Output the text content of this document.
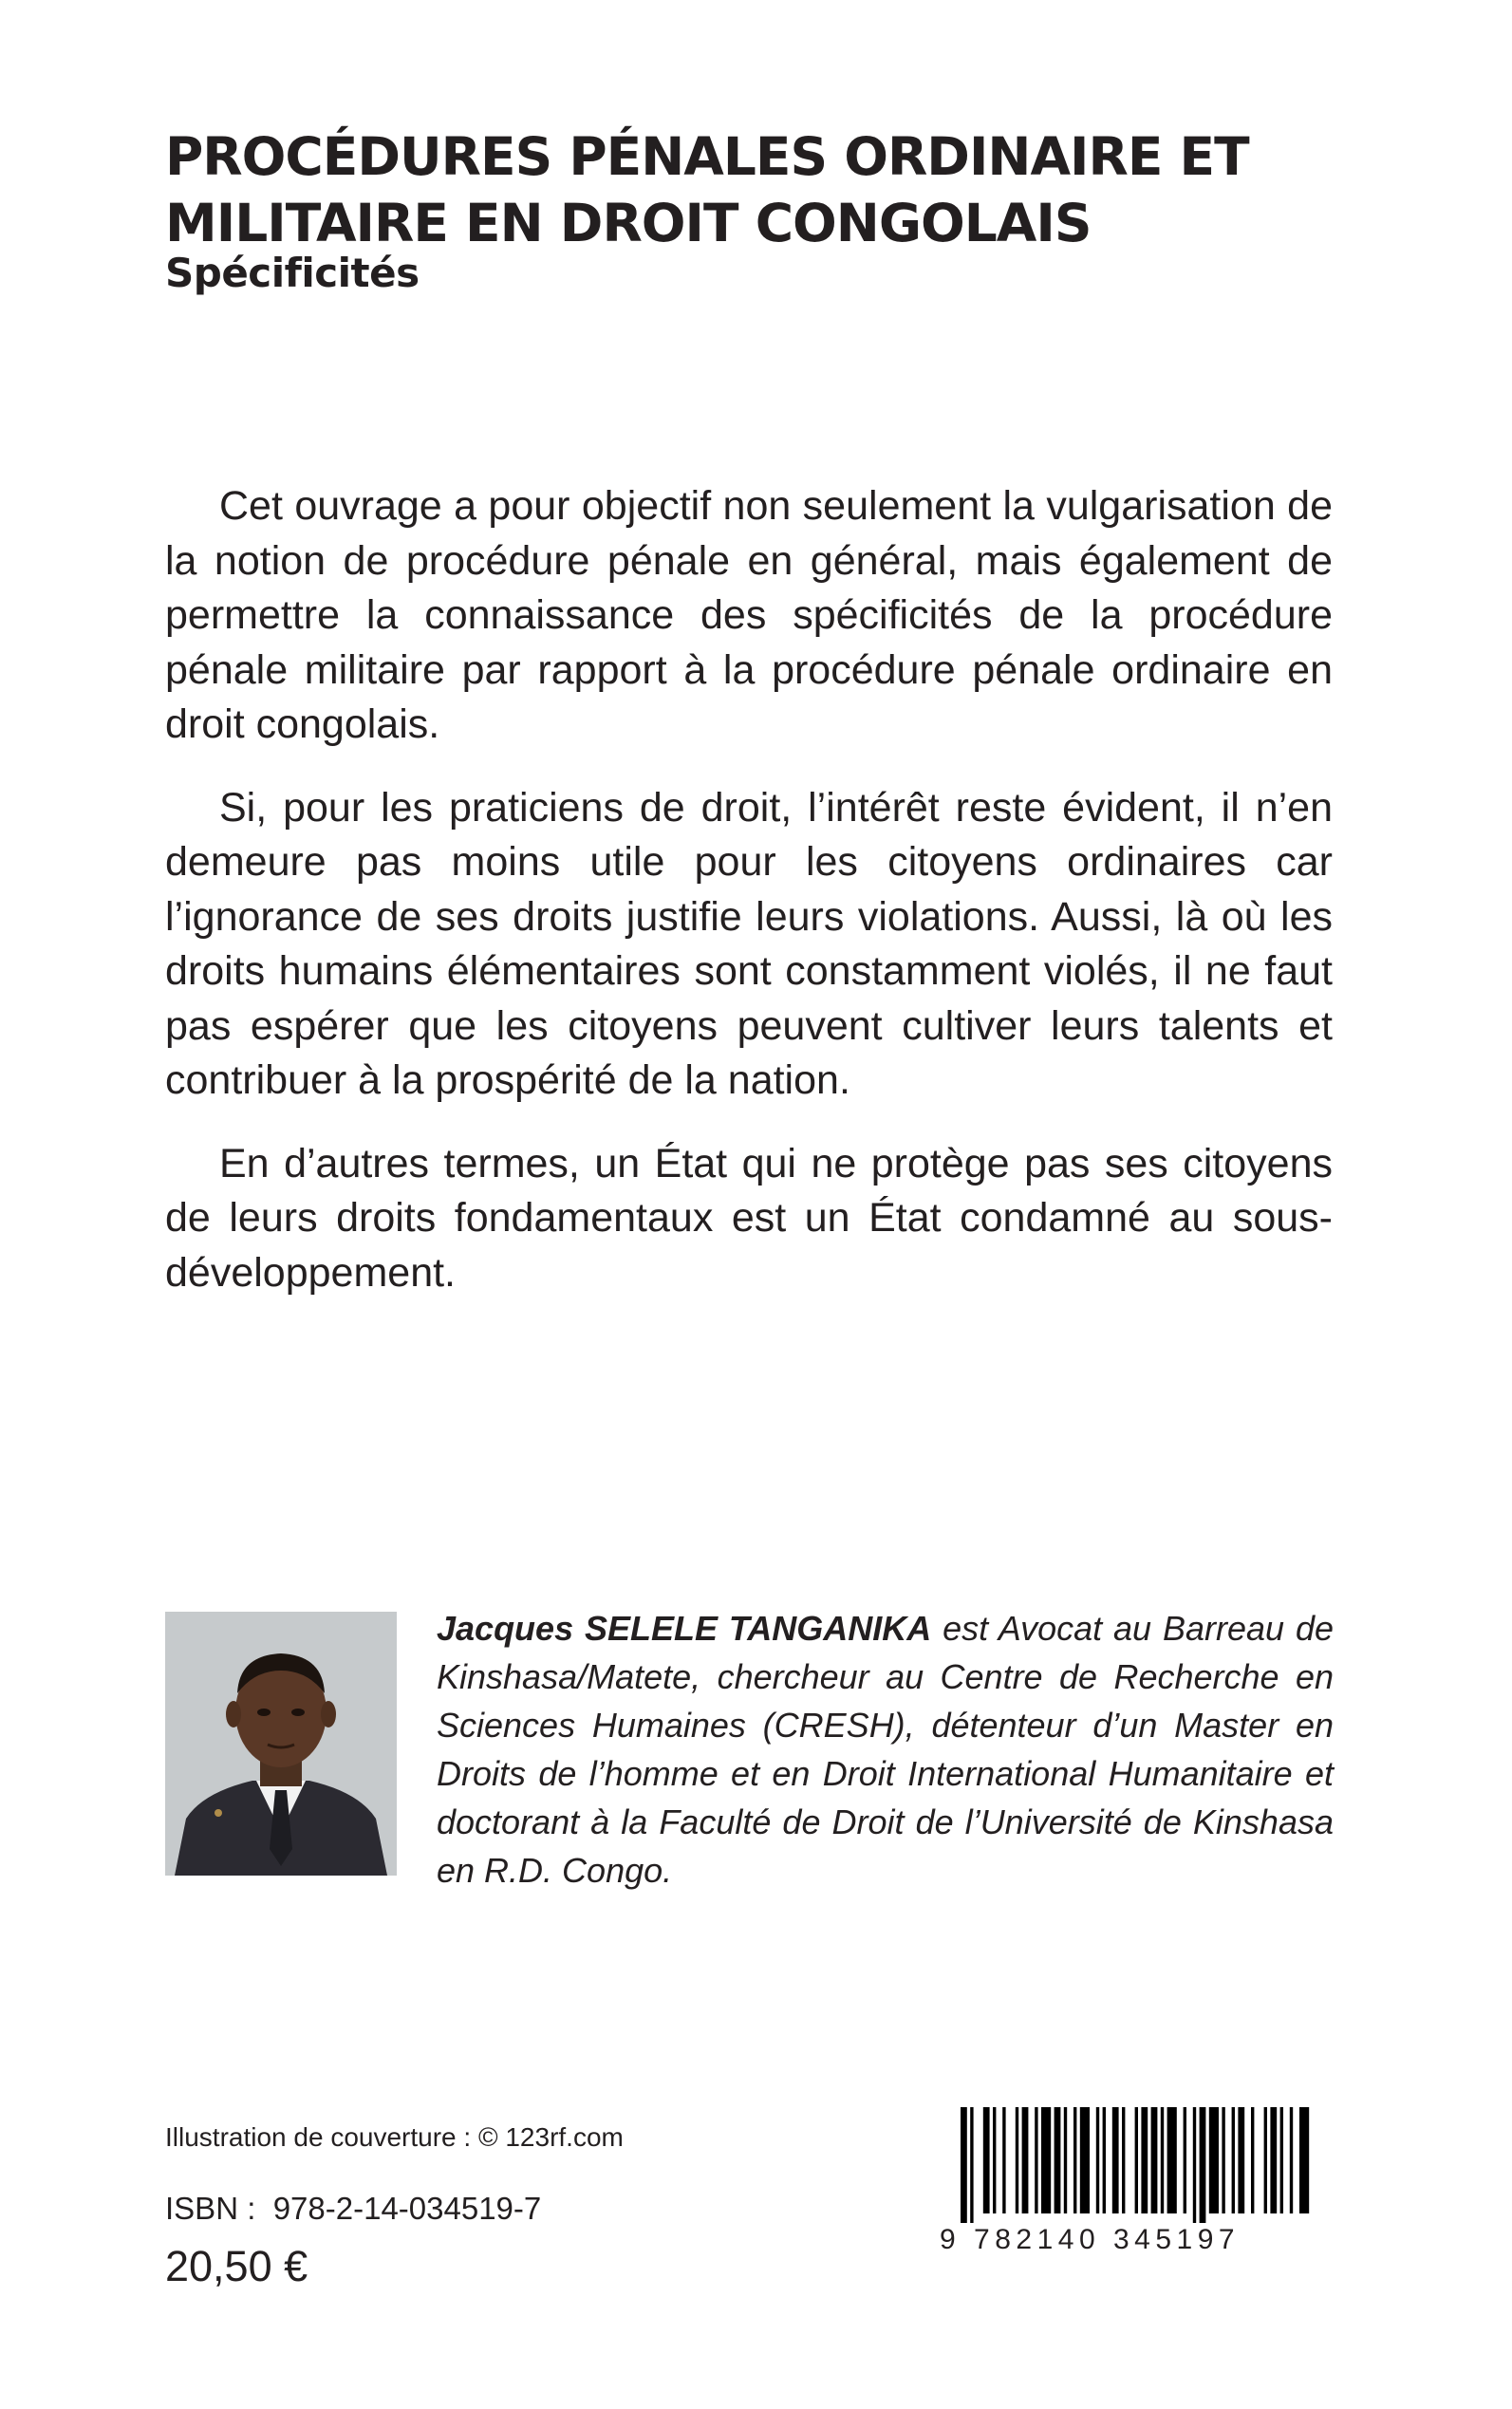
PROCÉDURES PÉNALES ORDINAIRE ET
MILITAIRE EN DROIT CONGOLAIS
Spécificités

Cet ouvrage a pour objectif non seulement la vulgarisation de la notion de procédure pénale en général, mais également de permettre la connaissance des spécificités de la procédure pénale militaire par rapport à la procédure pénale ordinaire en droit congolais.

Si, pour les praticiens de droit, l’intérêt reste évident, il n’en demeure pas moins utile pour les citoyens ordinaires car l’ignorance de ses droits justifie leurs violations. Aussi, là où les droits humains élémentaires sont constamment violés, il ne faut pas espérer que les citoyens peuvent cultiver leurs talents et contribuer à la prospérité de la nation.

En d’autres termes, un État qui ne protège pas ses citoyens de leurs droits fondamentaux est un État condamné au sous-développement.

Jacques SELELE TANGANIKA est Avocat au Barreau de Kinshasa/Matete, chercheur au Centre de Recherche en Sciences Humaines (CRESH), détenteur d’un Master en Droits de l’homme et en Droit International Humanitaire et doctorant à la Faculté de Droit de l’Université de Kinshasa en R.D. Congo.
Illustration de couverture : © 123rf.com
ISBN :  978-2-14-034519-7
20,50 €
9 782140 345197
